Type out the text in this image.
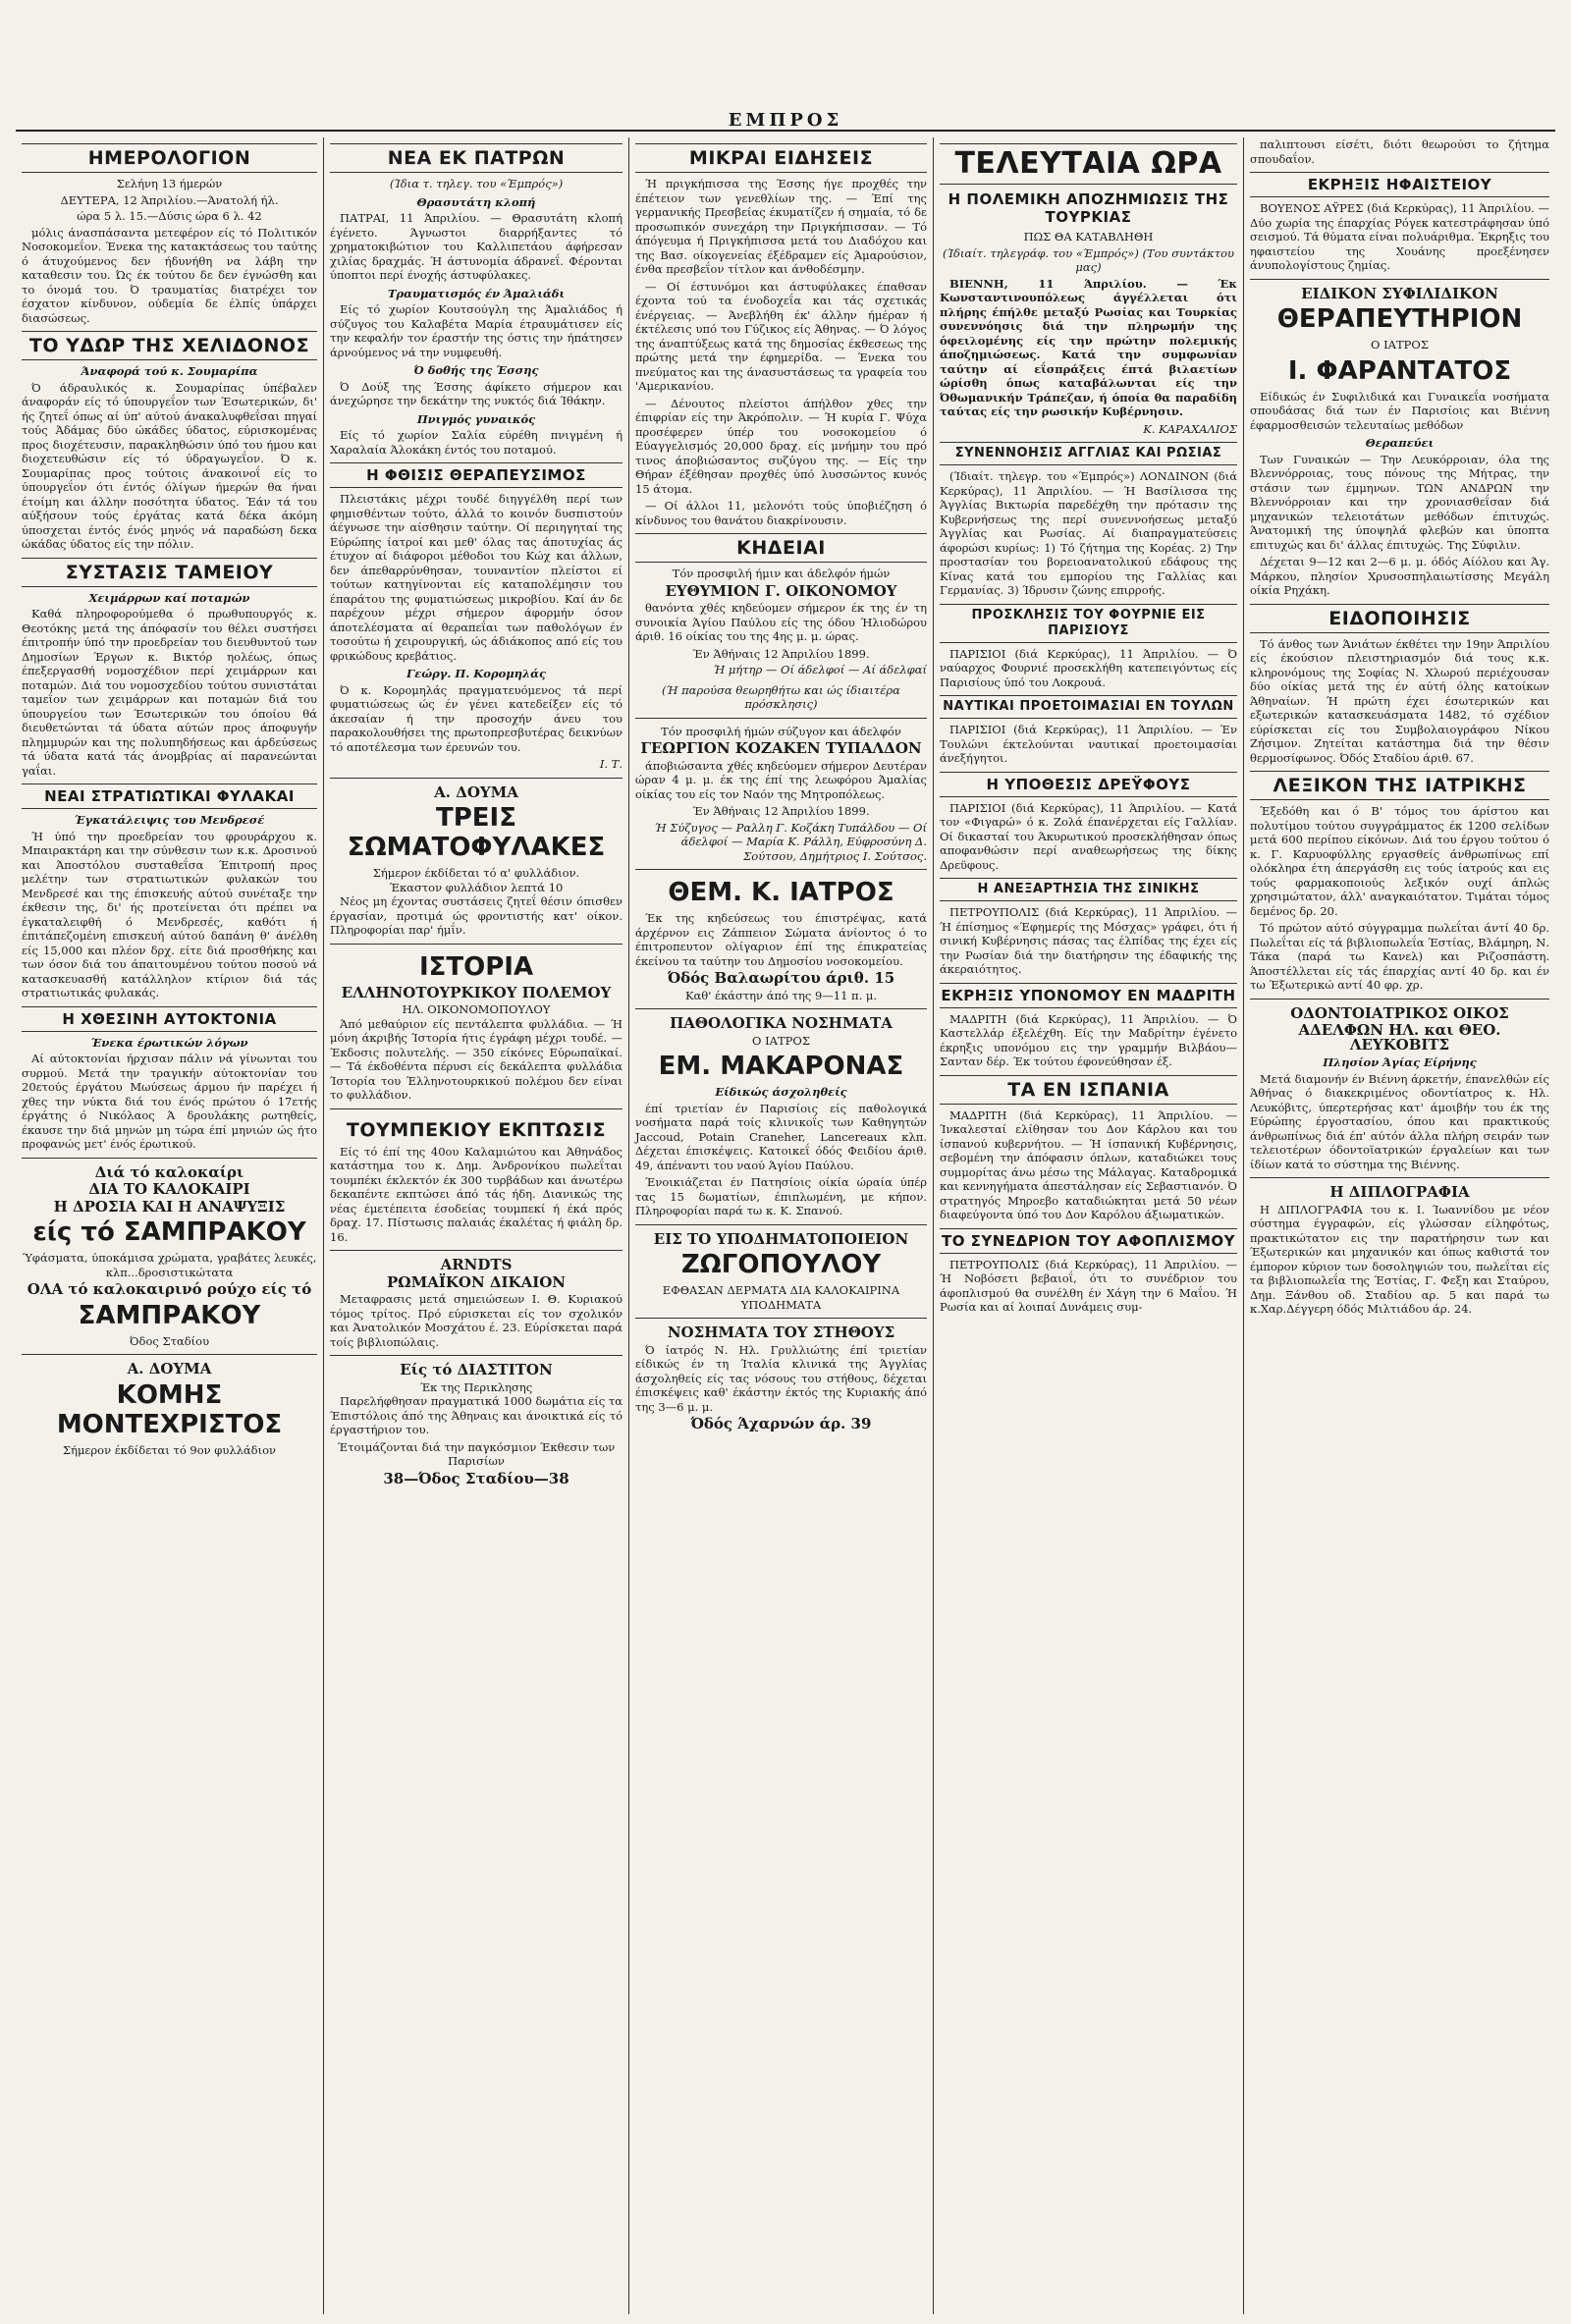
ΕΜΠΡΟΣ
ΗΜΕΡΟΛΟΓΙΟΝ
Σελήνη 13 ήμερών
ΔΕΥΤΕΡΑ, 12 Άπριλίου.—Άνατολή ήλ.
ώρα 5 λ. 15.—Δύσις ώρα 6 λ. 42

μόλις άνασπάσαντα μετεφέρον είς τό Πολιτικόν Νοσοκομεΐον. Ένεκα της κατακτάσεως του ταύτης ό άτυχούμενος δεν ήδυνήθη να λάβη την καταθεσιν του. Ώς έκ τούτου δε δεν έγνώσθη και το όνομά του. Ό τραυματίας διατρέχει τον έσχατον κίνδυνον, ούδεμία δε έλπίς ύπάρχει διασώσεως.

ΤΟ ΥΔΩΡ ΤΗΣ ΧΕΛΙΔΟΝΟΣ
Άναφορά τού κ. Σουμαρίπα

Ό άδραυλικός κ. Σουμαρίπας ύπέβαλεν άναφοράν είς τό ύπουργεΐον των Έσωτερικών, δι' ής ζητεΐ όπως αί ύπ' αύτού άνακαλυφθεΐσαι πηγαί τούς Άδάμας δύο ώκάδες ύδατος, εύρισκομένας προς διοχέτευσιν, παρακληθώσιν ύπό του ήμου και διοχετευθώσιν είς τό ύδραγωγεΐον. Ό κ. Σουμαρίπας προς τούτοις άνακοινοΐ είς το ύπουργεΐον ότι έντός όλίγων ήμερών θα ήναι έτοίμη και άλλην ποσότητα ύδατος. Έάν τά του αύξήσουν τούς έργάτας κατά δέκα άκόμη ύποσχεται έντός ένός μηνός νά παραδώση δεκα ώκάδας ύδατος είς την πόλιν.

ΣΥΣΤΑΣΙΣ ΤΑΜΕΙΟΥ
Χειμάρρων καί ποταμών

Καθά πληροφορούμεθα ό πρωθυπουργός κ. Θεοτόκης μετά της άπόφασίν του θέλει συστήσει έπιτροπήν ύπό την προεδρείαν του διευθυντού των Δημοσίων Έργων κ. Βικτόρ ηολέως, όπως έπεξεργασθή νομοσχέδιον περί χειμάρρων και ποταμών. Διά του νομοσχεδίου τούτου συνιστάται ταμεΐον των χειμάρρων και ποταμών διά του ύπουργείου των Έσωτερικών του όποίου θά διευθετώνται τά ύδατα αύτών προς άποφυγήν πλημμυρών και της πολυπηδήσεως και άρδεύσεως τά ύδατα κατά τάς άνομβρίας αί παρανεώνται γαΐαι.

ΝΕΑΙ ΣΤΡΑΤΙΩΤΙΚΑΙ ΦΥΛΑΚΑΙ
Έγκατάλειψις του Μενδρεσέ

Ή ύπό την προεδρείαν του φρουράρχου κ. Μπαιρακτάρη και την σύνθεσιν των κ.κ. Δροσινού και Άποστόλου συσταθεΐσα Έπιτροπή προς μελέτην των στρατιωτικών φυλακών του Μενδρεσέ και της έπισκευής αύτού συνέταξε την έκθεσιν της, δι' ής προτείνεται ότι πρέπει να έγκαταλειφθή ό Μενδρεσές, καθότι ή έπιτάπεζομένη επισκευή αύτού δαπάνη θ' άνέλθη είς 15,000 και πλέον δρχ. είτε διά προσθήκης και των όσον διά του άπαιτουμένου τούτου ποσού νά κατασκευασθή κατάλληλον κτίριον διά τάς στρατιωτικάς φυλακάς.

Η ΧΘΕΣΙΝΗ ΑΥΤΟΚΤΟΝΙΑ
Ένεκα έρωτικών λόγων

Αί αύτοκτονίαι ήρχισαν πάλιν νά γίνωνται του συρμού. Μετά την τραγικήν αύτοκτονίαν του 20ετούς έργάτου Μωύσεως άρμου ήν παρέχει ή χθες την νύκτα διά του ένός πρώτου ό 17ετής έργάτης ό Νικόλαος Ά δρουλάκης ρωτηθείς, έκαυσε την διά μηνών μη τώρα έπί μηνιών ώς ήτο προφανώς μετ' ένός έρωτικού.

Διά τό καλοκαίρι
ΔΙΑ ΤΟ ΚΑΛΟΚΑΙΡΙ
Η ΔΡΟΣΙΑ ΚΑΙ Η ΑΝΑΨΥΞΙΣ
είς τό ΣΑΜΠΡΑΚΟΥ
Ύφάσματα, ύποκάμισα χρώματα, γραβάτες λευκές, κλπ...δροσιστικώτατα
ΟΛΑ τό καλοκαιρινό ρούχο είς τό
ΣΑΜΠΡΑΚΟΥ
Όδος Σταδίου
Α. ΔΟΥΜΑ
ΚΟΜΗΣ ΜΟΝΤΕΧΡΙΣΤΟΣ
Σήμερον έκδίδεται τό 9ον φυλλάδιον
ΝΕΑ ΕΚ ΠΑΤΡΩΝ
(Ίδια τ. τηλεγ. του «Έμπρός»)
Θρασυτάτη κλοπή

ΠΑΤΡΑΙ, 11 Άπριλίου. — Θρασυτάτη κλοπή έγένετο. Άγνωστοι διαρρήξαντες τό χρηματοκιβώτιον του Καλλιπετάου άφήρεσαν χιλίας δραχμάς. Ή άστυνομία άδρανεΐ. Φέρονται ύποπτοι περί ένοχής άστυφύλακες.

Τραυματισμός έν Άμαλιάδι

Είς τό χωρίον Κουτσούγλη της Άμαλιάδος ή σύζυγος του Καλαβέτα Μαρία έτραυμάτισεν είς την κεφαλήν τον έραστήν της όστις την ήπάτησεν άρνούμενος νά την νυμφευθή.

Ό δοθής της Έσσης

Ό Δούξ της Έσσης άφίκετο σήμερον και άνεχώρησε την δεκάτην της νυκτός διά Ίθάκην.

Πνιγμός γυναικός

Είς τό χωρίον Σαλία εύρέθη πνιγμένη ή Χαραλαία Άλοκάκη έντός του ποταμού.

Η ΦΘΙΣΙΣ ΘΕΡΑΠΕΥΣΙΜΟΣ

Πλειστάκις μέχρι τουδέ διηγγέλθη περί των φημισθέντων τούτο, άλλά το κοινόν δυσπιστούν άέγνωσε την αίσθησιν ταύτην. Οί περιηγηταί της Εύρώπης ίατροί και μεθ' όλας τας άποτυχίας άς έτυχον αί διάφοροι μέθοδοι του Κώχ και άλλων, δεν άπεθαρρύνθησαν, τουναντίον πλείστοι εί τούτων κατηγίνονται είς καταπολέμησιν του έπαράτου της φυματιώσεως μικροβίου. Καί άν δε παρέχουν μέχρι σήμερον άφορμήν όσον άποτελέσματα αί θεραπεΐαι των παθολόγων έν τοσούτω ή χειρουργική, ώς άδιάκοπος από είς του φρικώδους κρεβάτιος.

Γεώργ. Π. Κορομηλάς

Ό κ. Κορομηλάς πραγματευόμενος τά περί φυματιώσεως ώς έν γένει κατεδείξεν είς τό άκεσαίαν ή την προσοχήν άνευ του παρακολουθήσει της πρωτοπρεσβυτέρας δεικνύων τό αποτέλεσμα των έρευνών του.

Ι. Τ.
Α. ΔΟΥΜΑ
ΤΡΕΙΣ ΣΩΜΑΤΟΦΥΛΑΚΕΣ
Σήμερον έκδίδεται τό α' φυλλάδιον.
Έκαστον φυλλάδιον λεπτά 10

Νέος μη έχοντας συστάσεις ζητεΐ θέσιν όπισθεν έργασίαν, προτιμά ώς φροντιστής κατ' οίκον. Πληροφορίαι παρ' ήμΐν.

ΙΣΤΟΡΙΑ
ΕΛΛΗΝΟΤΟΥΡΚΙΚΟΥ ΠΟΛΕΜΟΥ
ΗΛ. ΟΙΚΟΝΟΜΟΠΟΥΛΟΥ

Άπό μεθαύριον είς πεντάλεπτα φυλλάδια. — Ή μόνη άκριβής Ίστορία ήτις έγράφη μέχρι τουδέ. — Έκδοσις πολυτελής. — 350 είκόνες Εύρωπαϊκαί. — Τά έκδοθέντα πέρυσι είς δεκάλεπτα φυλλάδια Ίστορία του Έλληνοτουρκικού πολέμου δεν είναι το φυλλάδιον.

ΤΟΥΜΠΕΚΙΟΥ ΕΚΠΤΩΣΙΣ

Είς τό έπί της 40ου Καλαμιώτου και Άθηνάδος κατάστημα του κ. Δημ. Άνδρονίκου πωλεΐται τουμπέκι έκλεκτόν έκ 300 τυρβάδων και άνωτέρω δεκαπέντε εκπτώσει άπό τάς ήδη. Διανικώς της νέας έμετέπειτα έσοδείας τουμπεκί ή έκά πρός δραχ. 17. Πίστωσις παλαιάς έκαλέτας ή φιάλη δρ. 16.

ARNDTS
ΡΩΜΑΪΚΟΝ ΔΙΚΑΙΟΝ

Μεταφρασις μετά σημειώσεων Ι. Θ. Κυριακού τόμος τρίτος. Πρό εύρισκεται είς τον σχολικόν και Άνατολικόν Μοσχάτου έ. 23. Εύρίσκεται παρά τοίς βιβλιοπώλαις.

Είς τό ΔΙΑΣΤΙΤΟΝ
Έκ της Περικλησης

Παρελήφθησαν πραγματικά 1000 δωμάτια είς τα Έπιστόλοις άπό της Άθηναις και άνοικτικά είς τό έργαστήριον του.

Έτοιμάζονται διά την παγκόσμιον Έκθεσιν των Παρισίων
38—Όδος Σταδίου—38
ΜΙΚΡΑΙ ΕΙΔΗΣΕΙΣ

Ή πριγκήπισσα της Έσσης ήγε προχθές την έπέτειον των γενεθλίων της. — Έπί της γερμανικής Πρεσβείας έκυματίζεν ή σημαία, τό δε προσωπικόν συνεχάρη την Πριγκήπισσαν. — Τό άπόγευμα ή Πριγκήπισσα μετά του Διαδόχου και της Βασ. οίκογενείας έξέδραμεν είς Άμαρούσιον, ένθα πρεσβεΐον τίτλον και άνθοδέσμην.

— Οί έστυνόμοι και άστυφύλακες έπαθσαν έχοντα τού τα ένοδοχεΐα και τάς σχετικάς ένέργειας. — Άνεβλήθη έκ' άλλην ήμέραν ή έκτέλεσις υπό του Γύζικος είς Άθηνας. — Ό λόγος της άναπτύξεως κατά της δημοσίας έκθεσεως της πρώτης μετά την έφημερίδα. — Ένεκα του πνεύματος και της άνασυστάσεως τα γραφεία του 'Αμερικανίου.

— Δένουτος πλείστοι άπήλθον χθες την έπιφρίαν είς την Άκρόπολιν. — Ή κυρία Γ. Ψύχα προσέφερεν ύπέρ του νοσοκομείου ό Εύαγγελισμός 20,000 δραχ. είς μνήμην του πρό τινος άποβιώσαντος συζύγου της. — Είς την Θήραν έξέθησαν προχθές ύπό λυσσώντος κυνός 15 άτομα.

— Οί άλλοι 11, μελονότι τούς ύποβιέζηση ό κίνδυνος του θανάτου διακρίνουσιν.

ΚΗΔΕΙΑΙ
Τόν προσφιλή ήμιν και άδελφόν ήμών
ΕΥΘΥΜΙΟΝ Γ. ΟΙΚΟΝΟΜΟΥ

θανόντα χθές κηδεύομεν σήμερον έκ της έν τη συνοικία Άγίου Παύλου είς της όδου Ήλιοδώρου άριθ. 16 οίκίας του της 4ης μ. μ. ώρας.

Έν Άθήναις 12 Άπριλίου 1899.
Ή μήτηρ — Οί άδελφοί — Αί άδελφαί
(Ή παρούσα θεωρηθήτω και ώς ίδιαιτέρα πρόσκλησις)
Τόν προσφιλή ήμών σύζυγον και άδελφόν
ΓΕΩΡΓΙΟΝ ΚΟΖΑΚΕΝ ΤΥΠΑΛΔΟΝ

άποβιώσαντα χθές κηδεύομεν σήμερον Δευτέραν ώραν 4 μ. μ. έκ της έπί της λεωφόρου Άμαλίας οίκίας του είς τον Ναόν της Μητροπόλεως.

Έν Άθήναις 12 Άπριλίου 1899.
Ή Σύζυγος — Ραλλη Γ. Κοζάκη Τυπάλδου — Οί άδελφοί — Μαρία Κ. Ράλλη, Εύφροσύνη Δ. Σούτσου, Δημήτριος Ι. Σούτσος.
ΘΕΜ. Κ. ΙΑΤΡΟΣ

Έκ της κηδεύσεως του έπιστρέψας, κατά άρχέρνον εις Ζάππειον Σώματα άνίοντος ό το έπιτροπευτον ολίγαριον έπί της έπικρατείας έκείνου τα ταύτην του Δημοσίου νοσοκομείου.

Όδός Βαλαωρίτου άριθ. 15
Καθ' έκάστην άπό της 9—11 π. μ.
ΠΑΘΟΛΟΓΙΚΑ ΝΟΣΗΜΑΤΑ
Ο ΙΑΤΡΟΣ
ΕΜ. ΜΑΚΑΡΟΝΑΣ
Είδικώς άσχοληθείς

έπί τριετίαν έν Παρισίοις είς παθολογικά νοσήματα παρά τοίς κλινικοΐς των Καθηγητών Jaccoud, Potain Craneher, Lancereaux κλπ. Δέχεται έπισκέψεις. Κατοικεΐ όδός Φειδίου άριθ. 49, άπέναντι του ναού Άγίου Παύλου.

Ένοικιάζεται έν Πατησίοις οίκία ώραία ύπέρ τας 15 δωματίων, έπιπλωμένη, με κήπον. Πληροφορίαι παρά τω κ. Κ. Σπανού.

ΕΙΣ ΤΟ ΥΠΟΔΗΜΑΤΟΠΟΙΕΙΟΝ
ΖΩΓΟΠΟΥΛΟΥ
ΕΦΘΑΣΑΝ ΔΕΡΜΑΤΑ ΔΙΑ ΚΑΛΟΚΑΙΡΙΝΑ ΥΠΟΔΗΜΑΤΑ
ΝΟΣΗΜΑΤΑ ΤΟΥ ΣΤΗΘΟΥΣ

Ό ίατρός Ν. Ηλ. Γρυλλιώτης έπί τριετίαν είδικώς έν τη Ίταλία κλινικά της Άγγλίας άσχοληθείς είς τας νόσους του στήθους, δέχεται έπισκέψεις καθ' έκάστην έκτός της Κυριακής άπό της 3—6 μ. μ.

Όδός Άχαρνών άρ. 39
ΤΕΛΕΥΤΑΙΑ ΩΡΑ
Η ΠΟΛΕΜΙΚΗ ΑΠΟΖΗΜΙΩΣΙΣ ΤΗΣ ΤΟΥΡΚΙΑΣ
ΠΩΣ ΘΑ ΚΑΤΑΒΛΗΘΗ
(Ίδιαίτ. τηλεγράφ. του «Έμπρός») (Του συντάκτου μας)

ΒΙΕΝΝΗ, 11 Άπριλίου. — Έκ Κωνσταντινουπόλεως άγγέλλεται ότι πλήρης έπήλθε μεταξύ Ρωσίας και Τουρκίας συνεννόησις διά την πληρωμήν της όφειλομένης είς την πρώτην πολεμικής άποζημιώσεως. Κατά την συμφωνίαν ταύτην αί εΐσπράξεις έπτά βιλαετίων ώρίσθη όπως καταβάλωνται είς την Όθωμανικήν Τράπεζαν, ή όποία θα παραδίδη ταύτας είς την ρωσικήν Κυβέρνησιν.

Κ. ΚΑΡΑΧΑΛΙΟΣ
ΣΥΝΕΝΝΟΗΣΙΣ ΑΓΓΛΙΑΣ ΚΑΙ ΡΩΣΙΑΣ

(Ίδιαίτ. τηλεγρ. του «Έμπρός») ΛΟΝΔΙΝΟΝ (διά Κερκύρας), 11 Άπριλίου. — Ή Βασίλισσα της Άγγλίας Βικτωρία παρεδέχθη την πρότασιν της Κυβερνήσεως της περί συνεννοήσεως μεταξύ Άγγλίας και Ρωσίας. Αί διαπραγματεύσεις άφορώσι κυρίως: 1) Τό ζήτημα της Κορέας. 2) Την προστασίαν του βορειοανατολικού εδάφους της Κίνας κατά του εμπορίου της Γαλλίας και Γερμανίας. 3) Ίδρυσιν ζώνης επιρροής.

ΠΡΟΣΚΛΗΣΙΣ ΤΟΥ ΦΟΥΡΝΙΕ ΕΙΣ ΠΑΡΙΣΙΟΥΣ

ΠΑΡΙΣΙΟΙ (διά Κερκύρας), 11 Άπριλίου. — Ό ναύαρχος Φουρνιέ προσεκλήθη κατεπειγόντως είς Παρισίους ύπό του Λοκρουά.

ΝΑΥΤΙΚΑΙ ΠΡΟΕΤΟΙΜΑΣΙΑΙ ΕΝ ΤΟΥΛΩΝ

ΠΑΡΙΣΙΟΙ (διά Κερκύρας), 11 Άπριλίου. — Έν Τουλώνι έκτελούνται ναυτικαί προετοιμασίαι άνεξήγητοι.

Η ΥΠΟΘΕΣΙΣ ΔΡΕΫΦΟΥΣ

ΠΑΡΙΣΙΟΙ (διά Κερκύρας), 11 Άπριλίου. — Κατά τον «Φιγαρώ» ό κ. Ζολά έπανέρχεται είς Γαλλίαν. Οί δικασταί του Άκυρωτικού προσεκλήθησαν όπως αποφανθώσιν περί αναθεωρήσεως της δίκης Δρεϋφους.

Η ΑΝΕΞΑΡΤΗΣΙΑ ΤΗΣ ΣΙΝΙΚΗΣ

ΠΕΤΡΟΥΠΟΛΙΣ (διά Κερκύρας), 11 Άπριλίου. — Ή έπίσημος «Έφημερίς της Μόσχας» γράφει, ότι ή σινική Κυβέρνησις πάσας τας έλπίδας της έχει είς την Ρωσίαν διά την διατήρησιν της έδαφικής της άκεραιότητος.

ΕΚΡΗΞΙΣ ΥΠΟΝΟΜΟΥ ΕΝ ΜΑΔΡΙΤΗ

ΜΑΔΡΙΤΗ (διά Κερκύρας), 11 Άπριλίου. — Ό Καστελλάρ έξελέχθη. Είς την Μαδρίτην έγένετο έκρηξις υπονόμου εις την γραμμήν Βιλβάου—Σανταν δέρ. Έκ τούτου έφονεύθησαν έξ.

ΤΑ ΕΝ ΙΣΠΑΝΙΑ

ΜΑΔΡΙΤΗ (διά Κερκύρας), 11 Άπριλίου. — Ίνκαλεσταί ελίθησαν του Δον Κάρλου και του ίσπανού κυβερνήτου. — Ή ίσπανική Κυβέρνησις, σεβομένη την άπόφασιν όπλων, καταδιώκει τους συμμορίτας άνω μέσω της Μάλαγας. Καταδρομικά και κεννηγήματα άπεστάλησαν είς Σεβαστιανόν. Ό στρατηγός Μηροεβο καταδιώκηται μετά 50 νέων διαφεύγοντα ύπό του Δον Καρόλου άξιωματικών.

ΤΟ ΣΥΝΕΔΡΙΟΝ ΤΟΥ ΑΦΟΠΛΙΣΜΟΥ

ΠΕΤΡΟΥΠΟΛΙΣ (διά Κερκύρας), 11 Άπριλίου. — Ή Νοβόσετι βεβαιοΐ, ότι το συνέδριον του άφοπλισμού θα συνέλθη έν Χάγη την 6 Μαΐου. Ή Ρωσία και αί λοιπαί Δυνάμεις συμ-

παλιπτουσι είσέτι, διότι θεωρούσι το ζήτημα σπουδαΐον.

ΕΚΡΗΞΙΣ ΗΦΑΙΣΤΕΙΟΥ

ΒΟΥΕΝΟΣ ΑΫΡΕΣ (διά Κερκύρας), 11 Άπριλίου. — Δύο χωρία της έπαρχίας Ρόγεκ κατεστράφησαν ύπό σεισμού. Τά θύματα είναι πολυάριθμα. Έκρηξις του ηφαιστείου της Χουάνης προεξένησεν άνυπολογίστους ζημίας.

ΕΙΔΙΚΟΝ ΣΥΦΙΛΙΔΙΚΟΝ
ΘΕΡΑΠΕΥΤΗΡΙΟΝ
Ο ΙΑΤΡΟΣ
Ι. ΦΑΡΑΝΤΑΤΟΣ

Είδικώς έν Συφιλιδικά και Γυναικεΐα νοσήματα σπουδάσας διά των έν Παρισίοις και Βιέννη έφαρμοσθεισών τελευταίως μεθόδων

Θεραπεύει

Των Γυναικών — Την Λευκόρροιαν, όλα της Βλεννόρροιας, τους πόνους της Μήτρας, την στάσιν των έμμηνων. ΤΩΝ ΑΝΔΡΩΝ την Βλεννόρροιαν και την χρονιασθεΐσαν διά μηχανικών τελειοτάτων μεθόδων έπιτυχώς. Άνατομική της ύποψηλά φλεβών και ύποπτα επιτυχώς και δι' άλλας έπιτυχώς. Της Σύφιλιν.

Δέχεται 9—12 και 2—6 μ. μ. όδός Αίόλου και Άγ. Μάρκου, πλησίον Χρυσοσπηλαιωτίσσης Μεγάλη οίκία Ρηχάκη.

ΕΙΔΟΠΟΙΗΣΙΣ

Τό άνθος των Άνιάτων έκθέτει την 19ην Άπριλίου είς έκούσιον πλειστηριασμόν διά τους κ.κ. κληρονόμους της Σοφίας Ν. Χλωρού περιέχουσαν δύο οίκίας μετά της έν αύτή όλης κατοίκων Άθηναίων. Ή πρώτη έχει έσωτερικών και εξωτερικών κατασκευάσματα 1482, τό σχέδιον εύρίσκεται είς του Συμβολαιογράφου Νίκου Ζήσιμον. Ζητείται κατάστημα διά την θέσιν θερμοσίφωνος. Όδός Σταδίου άριθ. 67.

ΛΕΞΙΚΟΝ ΤΗΣ ΙΑΤΡΙΚΗΣ

Έξεδόθη και ό Β' τόμος του άρίστου και πολυτίμου τούτου συγγράμματος έκ 1200 σελίδων μετά 600 περίπου είκόνων. Διά του έργου τούτου ό κ. Γ. Καρυοφύλλης εργασθείς άνθρωπίνως επί ολόκληρα έτη άπεργάσθη εις τούς ίατρούς και εις τούς φαρμακοποιούς λεξικόν ουχί άπλώς χρησιμώτατον, άλλ' αναγκαιότατον. Τιμάται τόμος δεμένος δρ. 20.

Τό πρώτον αύτό σύγγραμμα πωλεΐται άντί 40 δρ. Πωλεΐται είς τά βιβλιοπωλεΐα Έστίας, Βλάμηρη, Ν. Τάκα (παρά τω Κανελ) και Ριζοσπάστη. Άποστέλλεται είς τάς έπαρχίας αντί 40 δρ. και έν τω Έξωτερικώ αντί 40 φρ. χρ.

ΟΔΟΝΤΟΙΑΤΡΙΚΟΣ ΟΙΚΟΣ
ΑΔΕΛΦΩΝ ΗΛ. και ΘΕΟ. ΛΕΥΚΟΒΙΤΣ
Πλησίον Άγίας Είρήνης

Μετά διαμονήν έν Βιέννη άρκετήν, έπανελθών είς Άθήνας ό διακεκριμένος οδοντίατρος κ. Ηλ. Λευκόβιτς, ύπερτερήσας κατ' άμοιβήν του έκ της Εύρώπης έργοστασίου, όπου και πρακτικούς άνθρωπίνως διά έπ' αύτόν άλλα πλήρη σειράν των τελειοτέρων όδοντοϊατρικών έργαλείων και των ίδίων κατά το σύστημα της Βιέννης.

Η ΔΙΠΛΟΓΡΑΦΙΑ

Η ΔΙΠΛΟΓΡΑΦΙΑ του κ. Ι. Ίωαννίδου με νέον σύστημα έγγραφών, είς γλώσσαν είληφότως, πρακτικώτατον εις την παρατήρησιν των και Έξωτερικών και μηχανικόν και όπως καθιστά τον έμπορον κύριον των δοσοληψιών του, πωλεΐται είς τα βιβλιοπωλεΐα της Έστίας, Γ. Φεξη και Σταύρου, Δημ. Ξάνθου οδ. Σταδίου αρ. 5 και παρά τω κ.Χαρ.Δέγγερη όδός Μιλτιάδου άρ. 24.
